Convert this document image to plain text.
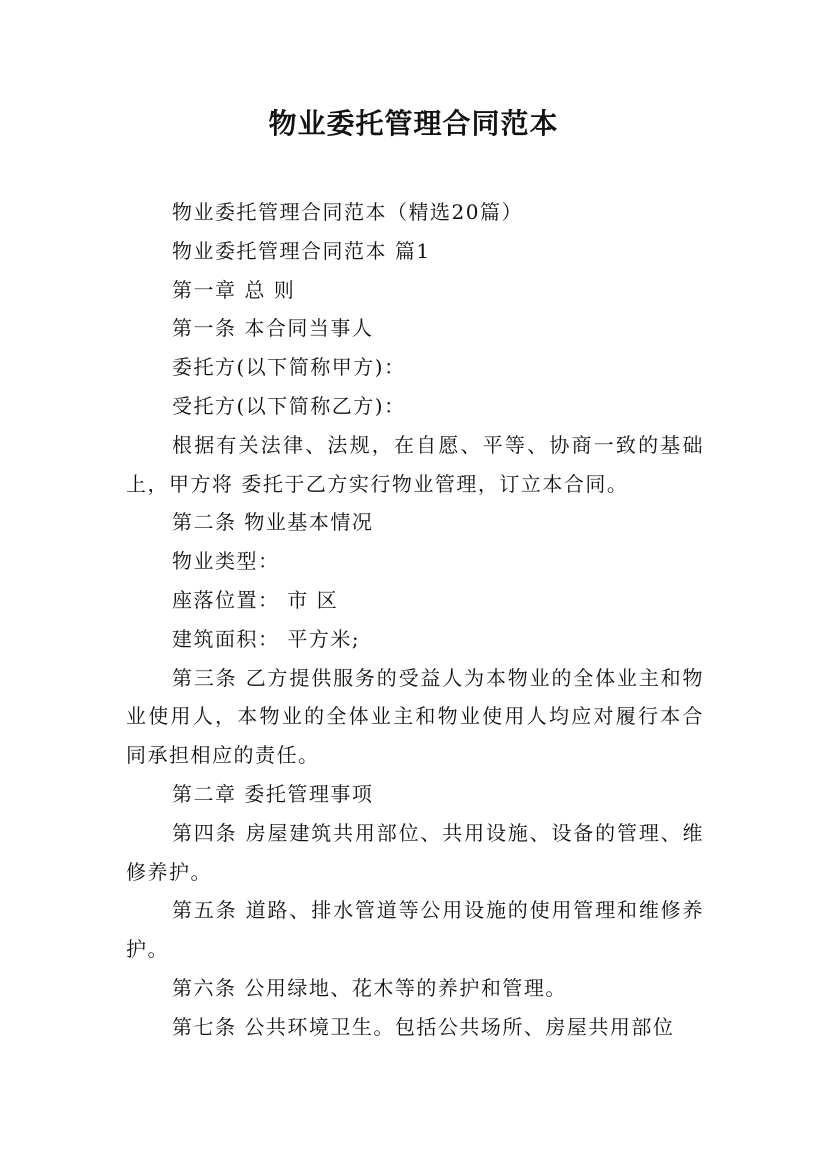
物业委托管理合同范本

物业委托管理合同范本（精选20篇）

物业委托管理合同范本 篇1

第一章 总 则

第一条 本合同当事人

委托方(以下简称甲方)：

受托方(以下简称乙方)：

根据有关法律、法规，在自愿、平等、协商一致的基础上，甲方将 委托于乙方实行物业管理，订立本合同。

第二条 物业基本情况

物业类型：

座落位置： 市 区

建筑面积： 平方米;

第三条 乙方提供服务的受益人为本物业的全体业主和物业使用人，本物业的全体业主和物业使用人均应对履行本合同承担相应的责任。

第二章 委托管理事项

第四条 房屋建筑共用部位、共用设施、设备的管理、维修养护。

第五条 道路、排水管道等公用设施的使用管理和维修养护。

第六条 公用绿地、花木等的养护和管理。

第七条 公共环境卫生。包括公共场所、房屋共用部位
